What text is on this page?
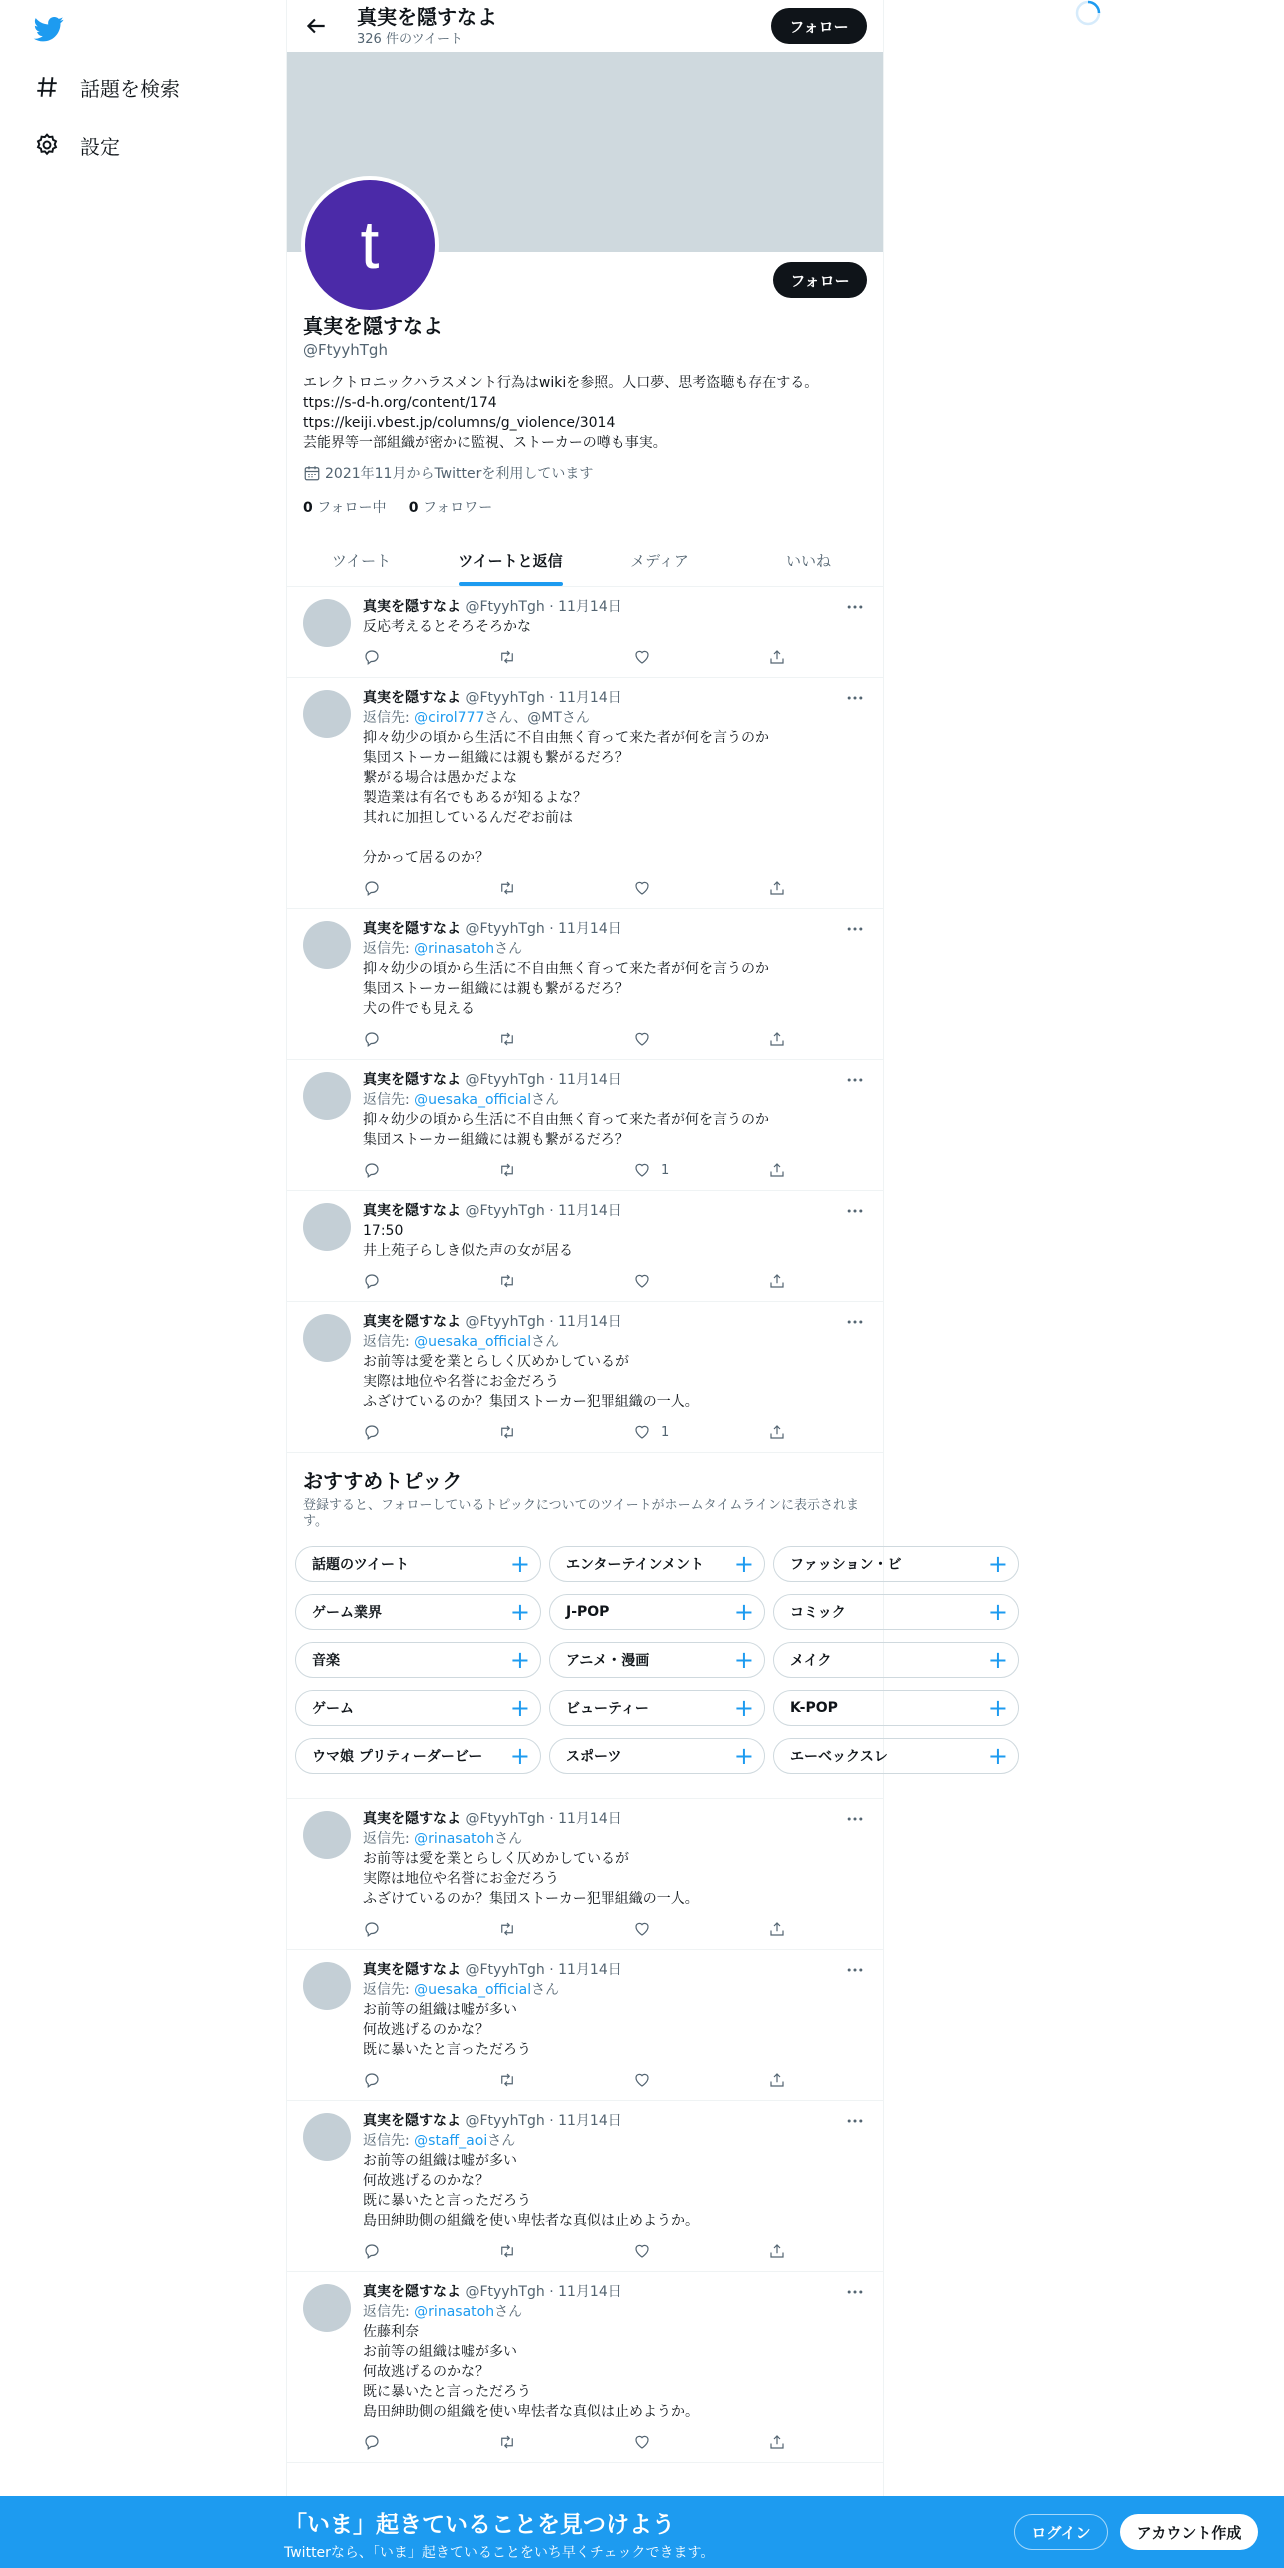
話題を検索
設定
真実を隠すなよ
326 件のツイート
フォロー
t	フォロー
真実を隠すなよ
@FtyyhTgh
エレクトロニックハラスメント行為はwikiを参照。人口夢、思考盗聴も存在する。
ttps://s-d-h.org/content/174
ttps://keiji.vbest.jp/columns/g_violence/3014
芸能界等一部組織が密かに監視、ストーカーの噂も事実。
2021年11月からTwitterを利用しています
0 フォロー中 0 フォロワー
ツイート	ツイートと返信	メディア	いいね
真実を隠すなよ @FtyyhTgh · 11月14日
反応考えるとそろそろかな
真実を隠すなよ @FtyyhTgh · 11月14日
返信先: @cirol777さん、@MTさん
抑々幼少の頃から生活に不自由無く育って来た者が何を言うのか
集団ストーカー組織には親も繋がるだろ？
繋がる場合は愚かだよな
製造業は有名でもあるが知るよな？
其れに加担しているんだぞお前は

分かって居るのか？
真実を隠すなよ @FtyyhTgh · 11月14日
返信先: @rinasatohさん
抑々幼少の頃から生活に不自由無く育って来た者が何を言うのか
集団ストーカー組織には親も繋がるだろ？
犬の件でも見える
真実を隠すなよ @FtyyhTgh · 11月14日
返信先: @uesaka_officialさん
抑々幼少の頃から生活に不自由無く育って来た者が何を言うのか
集団ストーカー組織には親も繋がるだろ？
1
真実を隠すなよ @FtyyhTgh · 11月14日
17:50
井上苑子らしき似た声の女が居る
真実を隠すなよ @FtyyhTgh · 11月14日
返信先: @uesaka_officialさん
お前等は愛を業とらしく仄めかしているが
実際は地位や名誉にお金だろう
ふざけているのか？集団ストーカー犯罪組織の一人。
1
おすすめトピック
登録すると、フォローしているトピックについてのツイートがホームタイムラインに表示されます。
話題のツイート	+	エンターテインメント +	ファッション・ビ	+
ゲーム業界	+	J-POP	+	コミック	+
音楽	+	アニメ・漫画	+	メイク	+
ゲーム	+	ビューティー	+	K-POP	+
ウマ娘 プリティーダービー +	スポーツ	+	エーベックスレ	+
真実を隠すなよ @FtyyhTgh · 11月14日
返信先: @rinasatohさん
お前等は愛を業とらしく仄めかしているが
実際は地位や名誉にお金だろう
ふざけているのか？集団ストーカー犯罪組織の一人。
真実を隠すなよ @FtyyhTgh · 11月14日
返信先: @uesaka_officialさん
お前等の組織は嘘が多い
何故逃げるのかな？
既に暴いたと言っただろう
真実を隠すなよ @FtyyhTgh · 11月14日
返信先: @staff_aoiさん
お前等の組織は嘘が多い
何故逃げるのかな？
既に暴いたと言っただろう
島田紳助側の組織を使い卑怯者な真似は止めようか。
真実を隠すなよ @FtyyhTgh · 11月14日
返信先: @rinasatohさん
佐藤利奈
お前等の組織は嘘が多い
何故逃げるのかな？
既に暴いたと言っただろう
島田紳助側の組織を使い卑怯者な真似は止めようか。
「いま」起きていることを見つけよう
Twitterなら、「いま」起きていることをいち早くチェックできます。
ログイン	アカウント作成
